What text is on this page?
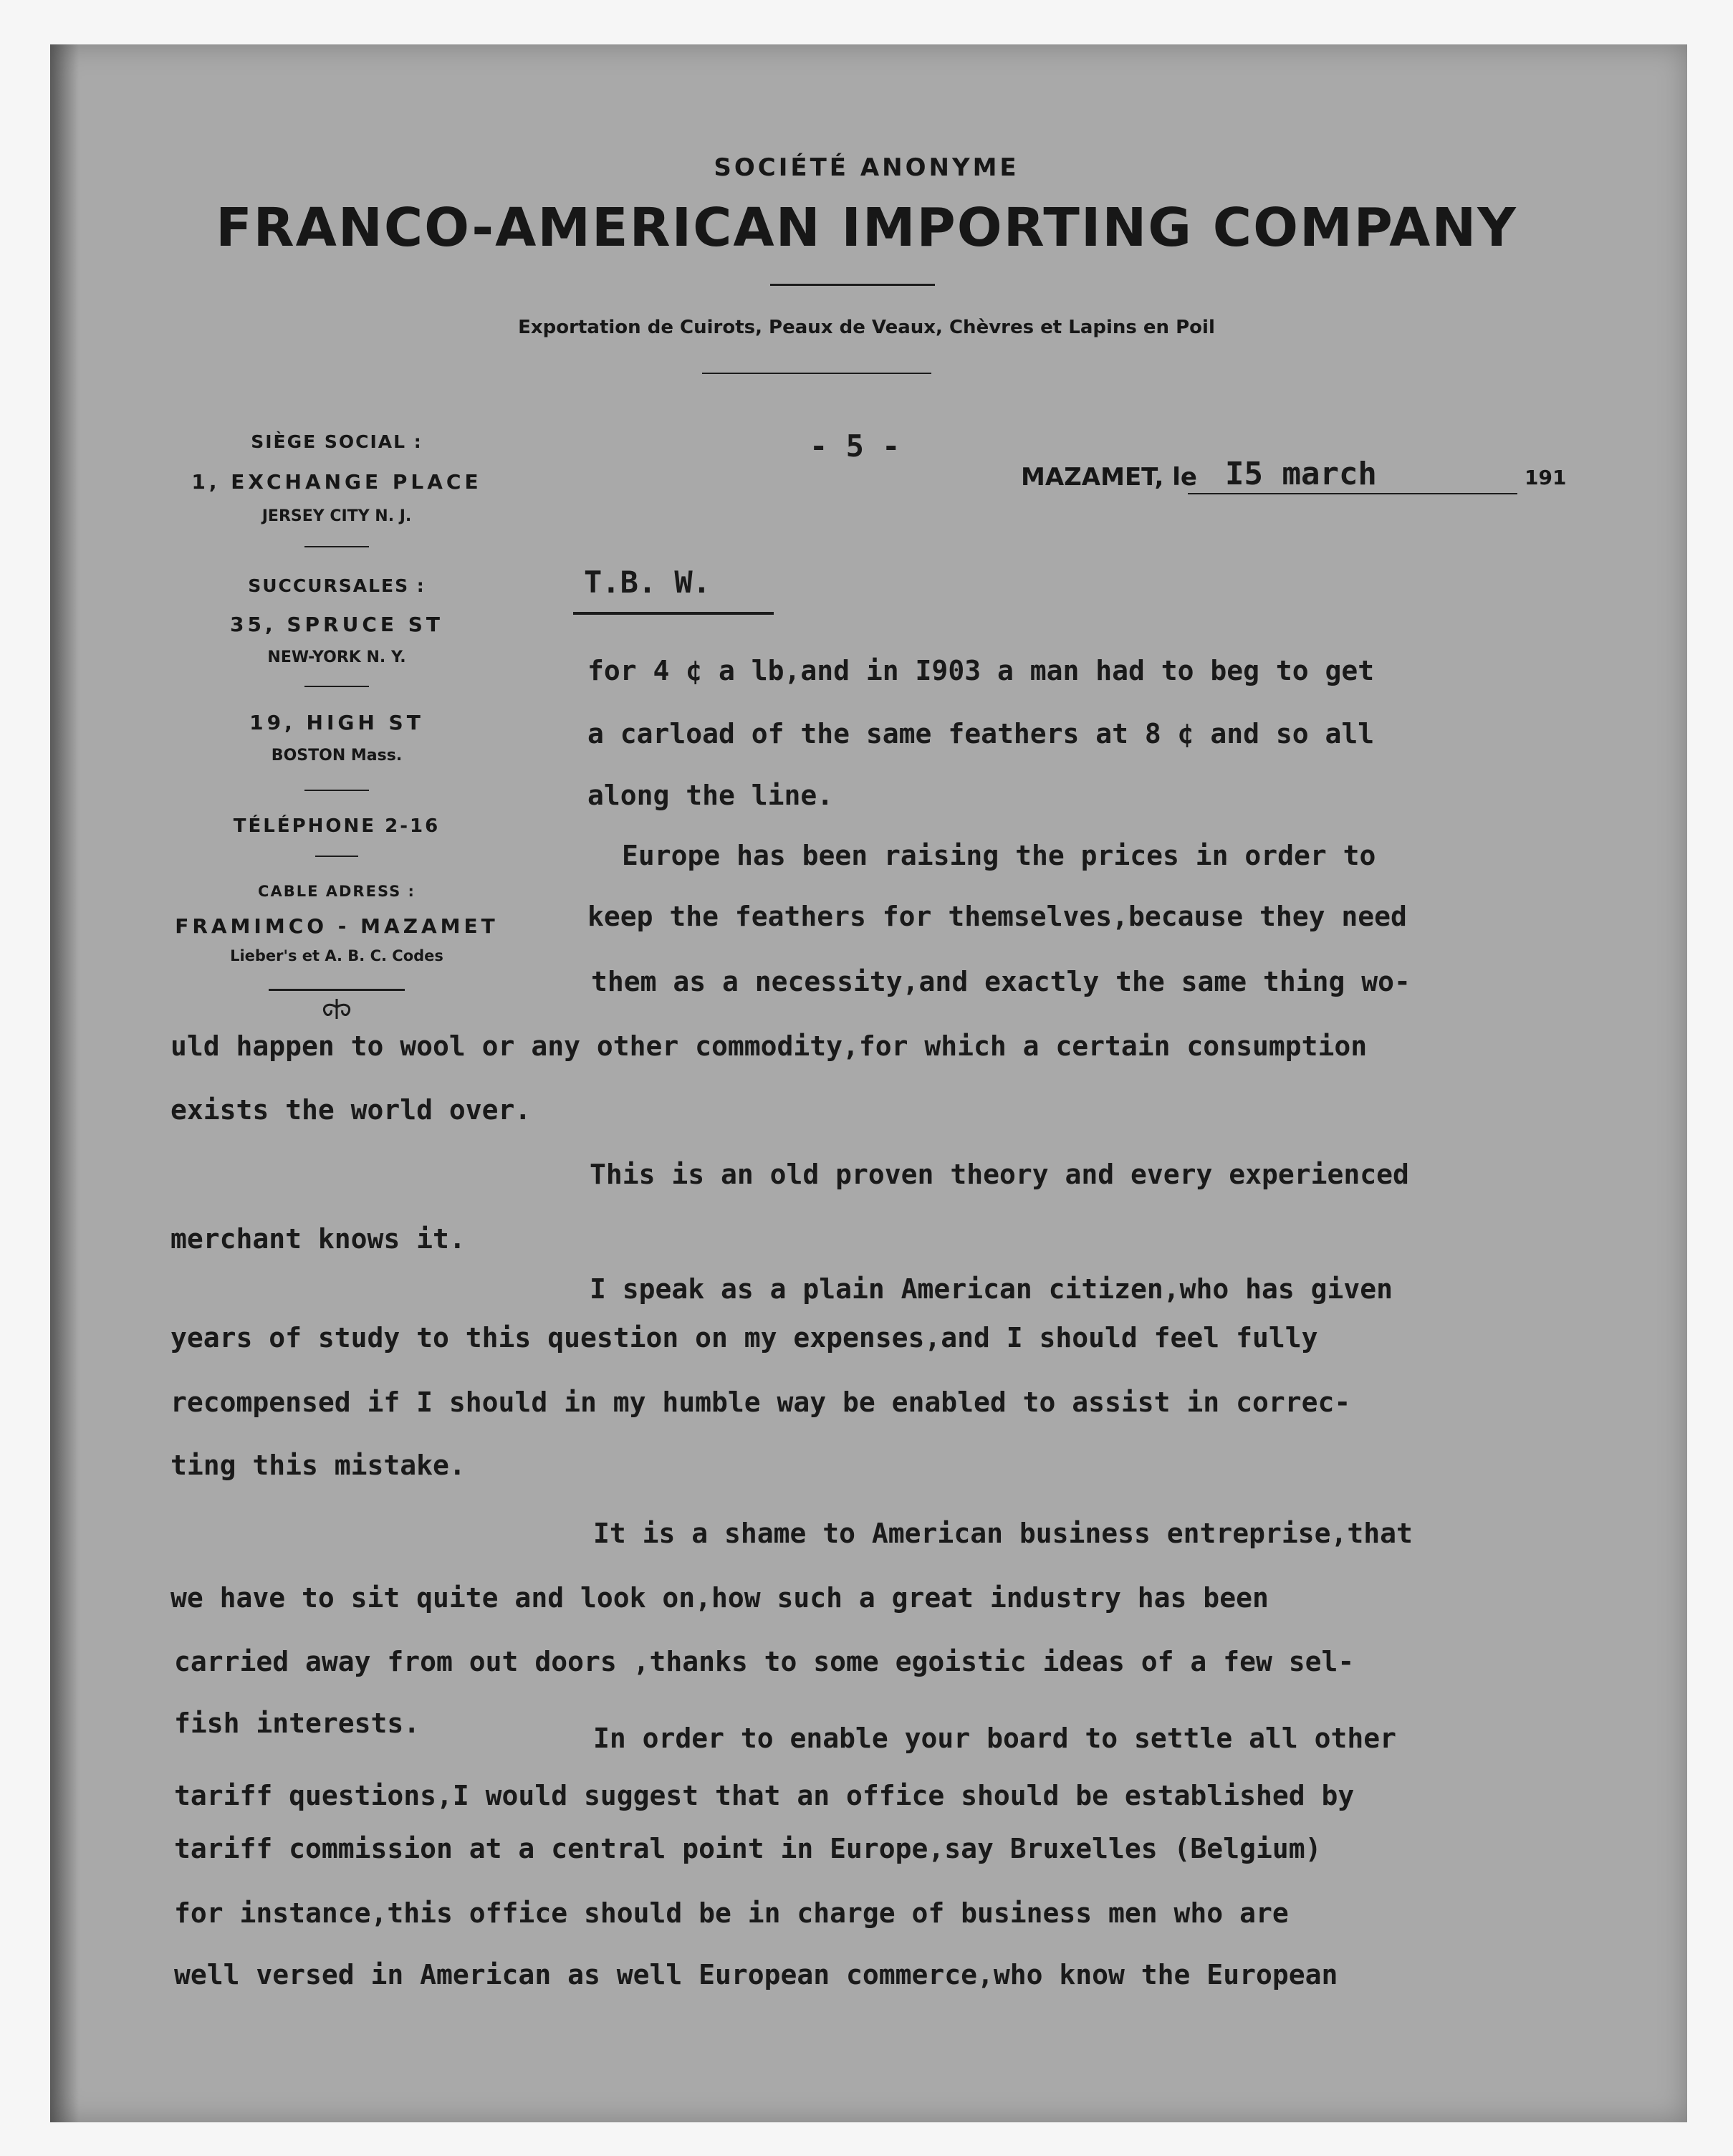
SOCIÉTÉ ANONYME
FRANCO-AMERICAN IMPORTING COMPANY
Exportation de Cuirots, Peaux de Veaux, Chèvres et Lapins en Poil
SIÈGE SOCIAL :
1, EXCHANGE PLACE
JERSEY CITY N. J.
SUCCURSALES :
35, SPRUCE ST
NEW-YORK N. Y.
19, HIGH ST
BOSTON Mass.
TÉLÉPHONE 2-16
CABLE ADRESS :
FRAMIMCO - MAZAMET
Lieber's et A. B. C. Codes
- 5 -
MAZAMET, le I5 march	191
T.B. W.
for 4 ¢ a lb,and in I903 a man had to beg to get
a carload of the same feathers at 8 ¢ and so all
along the line.
Europe has been raising the prices in order to
keep the feathers for themselves,because they need
them as a necessity,and exactly the same thing wo-
uld happen to wool or any other commodity,for which a certain consumption
exists the world over.
This is an old proven theory and every experienced
merchant knows it.
I speak as a plain American citizen,who has given
years of study to this question on my expenses,and I should feel fully
recompensed if I should in my humble way be enabled to assist in correc-
ting this mistake.
It is a shame to American business entreprise,that
we have to sit quite and look on,how such a great industry has been
carried away from out doors ,thanks to some egoistic ideas of a few sel-
fish interests.	In order to enable your board to settle all other
tariff questions,I would suggest that an office should be established by
tariff commission at a central point in Europe,say Bruxelles (Belgium)
for instance,this office should be in charge of business men who are
well versed in American as well European commerce,who know the European
